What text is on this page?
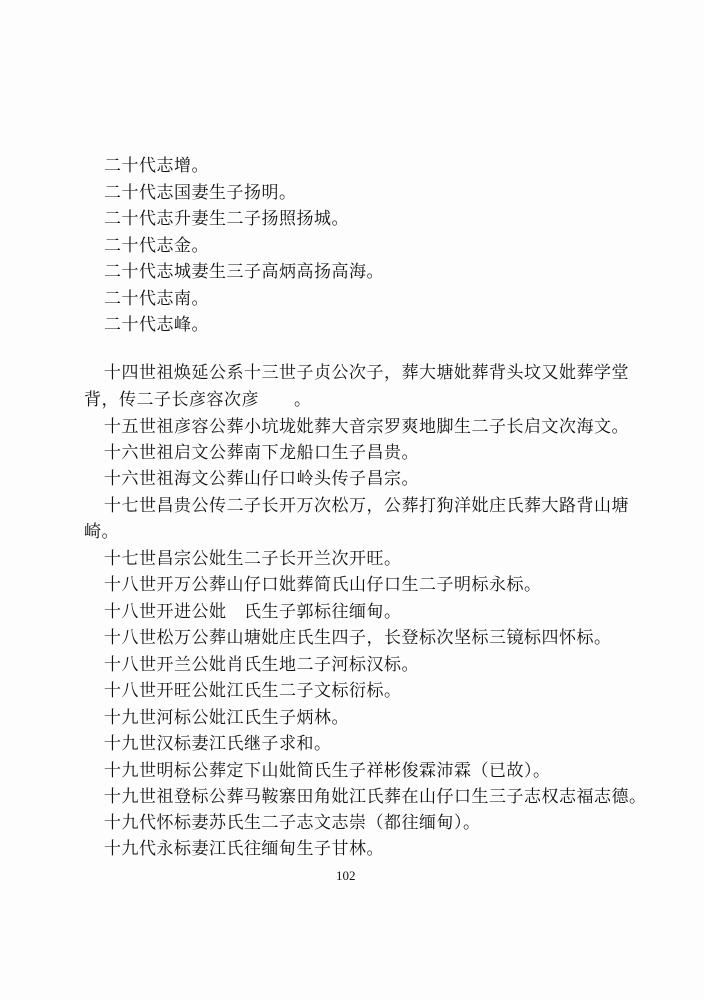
二十代志增。
二十代志国妻生子扬明。
二十代志升妻生二子扬照扬城。
二十代志金。
二十代志城妻生三子高炳高扬高海。
二十代志南。
二十代志峰。
十四世祖焕延公系十三世子贞公次子，葬大塘妣葬背头坟又妣葬学堂
背，传二子长彦容次彦　　。
十五世祖彦容公葬小坑垅妣葬大音宗罗爽地脚生二子长启文次海文。
十六世祖启文公葬南下龙船口生子昌贵。
十六世祖海文公葬山仔口岭头传子昌宗。
十七世昌贵公传二子长开万次松万，公葬打狗洋妣庄氏葬大路背山塘
崎。
十七世昌宗公妣生二子长开兰次开旺。
十八世开万公葬山仔口妣葬简氏山仔口生二子明标永标。
十八世开进公妣　氏生子郭标往缅甸。
十八世松万公葬山塘妣庄氏生四子，长登标次坚标三镜标四怀标。
十八世开兰公妣肖氏生地二子河标汉标。
十八世开旺公妣江氏生二子文标衍标。
十九世河标公妣江氏生子炳林。
十九世汉标妻江氏继子求和。
十九世明标公葬定下山妣简氏生子祥彬俊霖沛霖（已故）。
十九世祖登标公葬马鞍寨田角妣江氏葬在山仔口生三子志权志福志德。
十九代怀标妻苏氏生二子志文志崇（都往缅甸）。
十九代永标妻江氏往缅甸生子甘林。
102
